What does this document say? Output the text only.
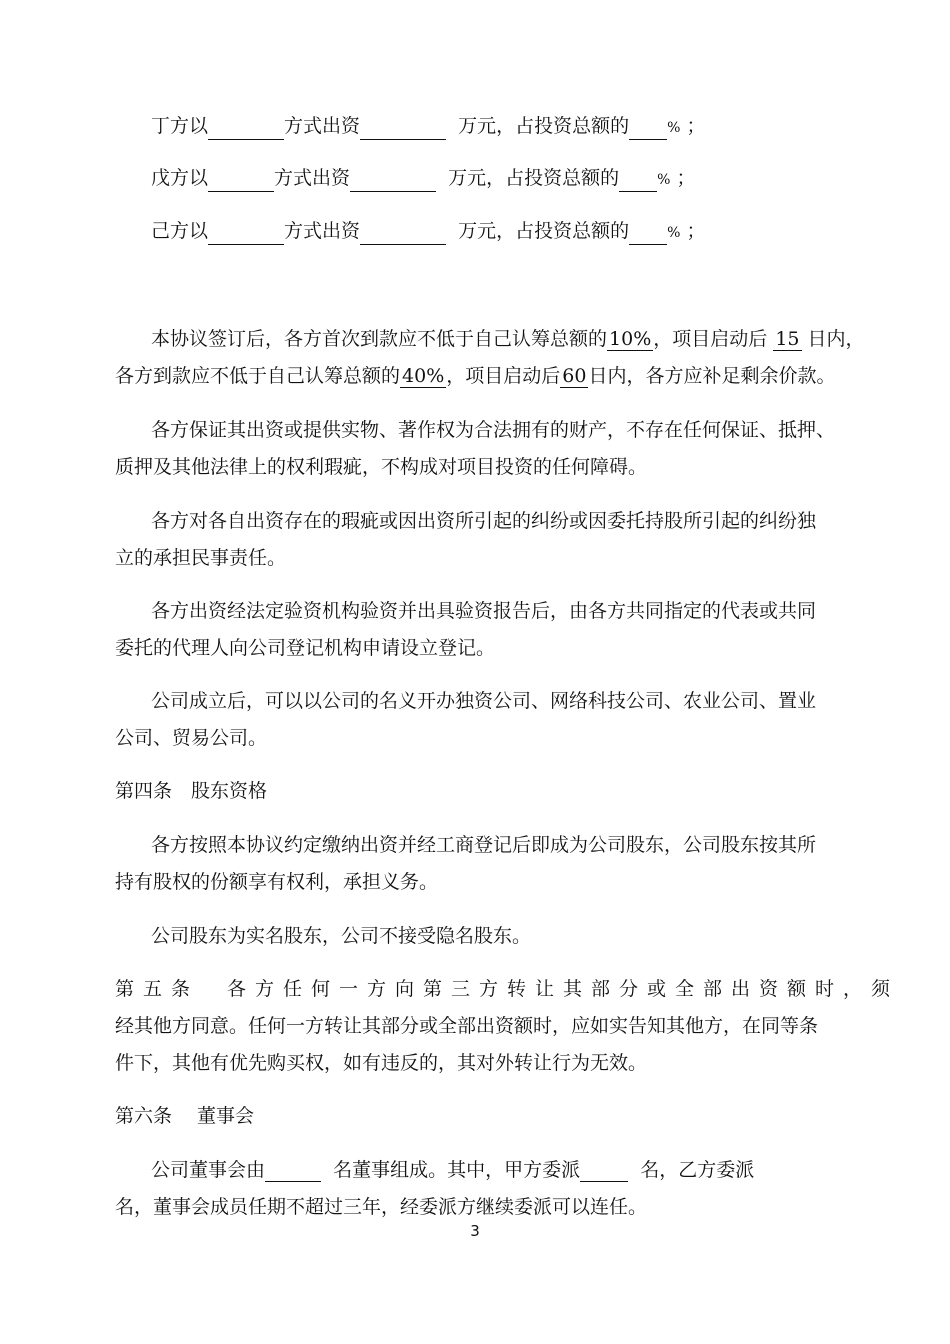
丁方以	方式出资	万元，占投资总额的	% ；
戊方以	方式出资	万元，占投资总额的	% ；
己方以	方式出资	万元，占投资总额的	% ；
本协议签订后，各方首次到款应不低于自己认筹总额的 10% ，项目启动后 15 日内，
各方到款应不低于自己认筹总额的 40% ，项目启动后 60 日内，各方应补足剩余价款。
各方保证其出资或提供实物、著作权为合法拥有的财产，不存在任何保证、抵押、
质押及其他法律上的权利瑕疵，不构成对项目投资的任何障碍。
各方对各自出资存在的瑕疵或因出资所引起的纠纷或因委托持股所引起的纠纷独
立的承担民事责任。
各方出资经法定验资机构验资并出具验资报告后，由各方共同指定的代表或共同
委托的代理人向公司登记机构申请设立登记。
公司成立后，可以以公司的名义开办独资公司、网络科技公司、农业公司、置业
公司、贸易公司。
第四条　股东资格
各方按照本协议约定缴纳出资并经工商登记后即成为公司股东，公司股东按其所
持有股权的份额享有权利，承担义务。
公司股东为实名股东，公司不接受隐名股东。
第五条　各方任何一方向第三方转让其部分或全部出资额时，须
经其他方同意。任何一方转让其部分或全部出资额时，应如实告知其他方，在同等条
件下，其他有优先购买权，如有违反的，其对外转让行为无效。
第六条　 董事会
公司董事会由	名董事组成。其中，甲方委派	名，乙方委派
名，董事会成员任期不超过三年，经委派方继续委派可以连任。
3
